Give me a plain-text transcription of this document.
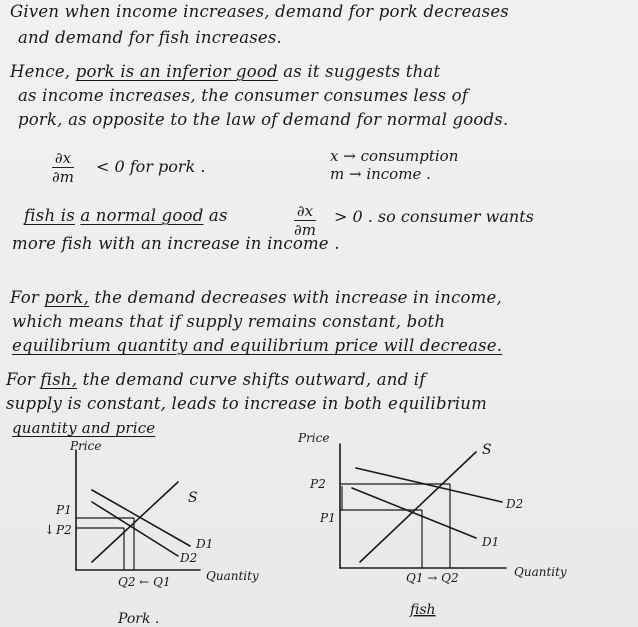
Given when income increases, demand for pork decreases
and demand for fish increases.
Hence, pork is an inferior good as it suggests that
as income increases, the consumer consumes less of
pork, as opposite to the law of demand for normal goods.
∂x
∂m
< 0 for pork .
x → consumption
m → income .
fish is a normal good as	∂x
∂m
> 0 . so consumer wants
more fish with an increase in income .
For pork, the demand decreases with increase in income,
which means that if supply remains constant, both
equilibrium quantity and equilibrium price will decrease.
For fish, the demand curve shifts outward, and if
supply is constant, leads to increase in both equilibrium
quantity and price
Price
Quantity
S
D1
D2
P1
↓ P2
Q2 ← Q1
Pork .
Price
Quantity
S
D2
D1
P2
P1
Q1 → Q2
fish
